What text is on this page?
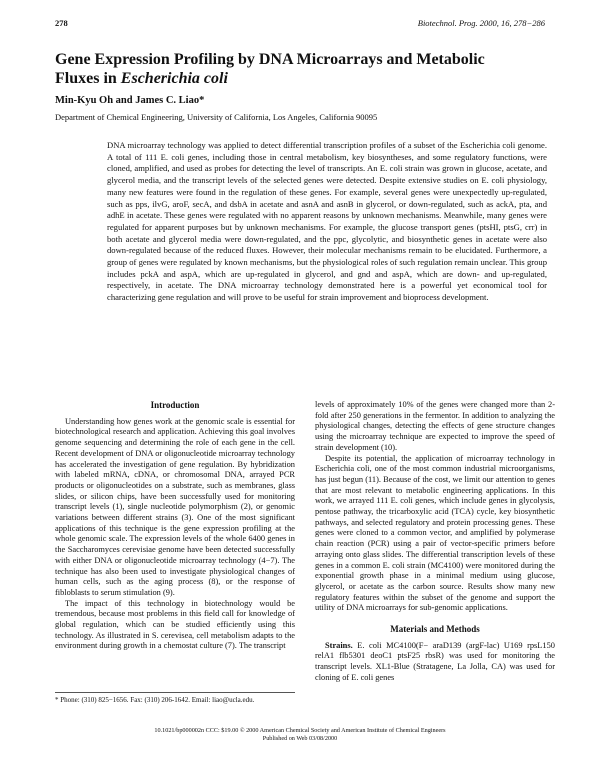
278	Biotechnol. Prog. 2000, 16, 278−286
Gene Expression Profiling by DNA Microarrays and Metabolic
Fluxes in Escherichia coli
Min-Kyu Oh and James C. Liao*
Department of Chemical Engineering, University of California, Los Angeles, California 90095
DNA microarray technology was applied to detect differential transcription profiles of a subset of the Escherichia coli genome. A total of 111 E. coli genes, including those in central metabolism, key biosyntheses, and some regulatory functions, were cloned, amplified, and used as probes for detecting the level of transcripts. An E. coli strain was grown in glucose, acetate, and glycerol media, and the transcript levels of the selected genes were detected. Despite extensive studies on E. coli physiology, many new features were found in the regulation of these genes. For example, several genes were unexpectedly up-regulated, such as pps, ilvG, aroF, secA, and dsbA in acetate and asnA and asnB in glycerol, or down-regulated, such as ackA, pta, and adhE in acetate. These genes were regulated with no apparent reasons by unknown mechanisms. Meanwhile, many genes were regulated for apparent purposes but by unknown mechanisms. For example, the glucose transport genes (ptsHI, ptsG, crr) in both acetate and glycerol media were down-regulated, and the ppc, glycolytic, and biosynthetic genes in acetate were also down-regulated because of the reduced fluxes. However, their molecular mechanisms remain to be elucidated. Furthermore, a group of genes were regulated by known mechanisms, but the physiological roles of such regulation remain unclear. This group includes pckA and aspA, which are up-regulated in glycerol, and gnd and aspA, which are down- and up-regulated, respectively, in acetate. The DNA microarray technology demonstrated here is a powerful yet economical tool for characterizing gene regulation and will prove to be useful for strain improvement and bioprocess development.
Introduction

Understanding how genes work at the genomic scale is essential for biotechnological research and application. Achieving this goal involves genome sequencing and determining the role of each gene in the cell. Recent development of DNA or oligonucleotide microarray technology has accelerated the investigation of gene regulation. By hybridization with labeled mRNA, cDNA, or chromosomal DNA, arrayed PCR products or oligonucleotides on a substrate, such as membranes, glass slides, or silicon chips, have been successfully used for monitoring transcript levels (1), single nucleotide polymorphism (2), or genomic variations between different strains (3). One of the most significant applications of this technique is the gene expression profiling at the whole genomic scale. The expression levels of the whole 6400 genes in the Saccharomyces cerevisiae genome have been detected successfully with either DNA or oligonucleotide microarray technology (4−7). The technique has also been used to investigate physiological changes of human cells, such as the aging process (8), or the response of fibloblasts to serum stimulation (9).

The impact of this technology in biotechnology would be tremendous, because most problems in this field call for knowledge of global regulation, which can be studied efficiently using this technology. As illustrated in S. cerevisea, cell metabolism adapts to the environment during growth in a chemostat culture (7). The transcript

levels of approximately 10% of the genes were changed more than 2-fold after 250 generations in the fermentor. In addition to analyzing the physiological changes, detecting the effects of gene structure changes using the microarray technique are expected to improve the speed of strain development (10).

Despite its potential, the application of microarray technology in Escherichia coli, one of the most common industrial microorganisms, has just begun (11). Because of the cost, we limit our attention to genes that are most relevant to metabolic engineering applications. In this work, we arrayed 111 E. coli genes, which include genes in glycolysis, pentose pathway, the tricarboxylic acid (TCA) cycle, key biosynthetic pathways, and selected regulatory and protein processing genes. These genes were cloned to a common vector, and amplified by polymerase chain reaction (PCR) using a pair of vector-specific primers before arraying onto glass slides. The differential transcription levels of these genes in a common E. coli strain (MC4100) were monitored during the exponential growth phase in a minimal medium using glucose, glycerol, or acetate as the carbon source. Results show many new regulatory features within the subset of the genome and support the utility of DNA microarrays for sub-genomic applications.

Materials and Methods

Strains. E. coli MC4100(F− araD139 (argF-lac) U169 rpsL150 relA1 flb5301 deoC1 ptsF25 rbsR) was used for monitoring the transcript levels. XL1-Blue (Stratagene, La Jolla, CA) was used for cloning of E. coli genes

* Phone: (310) 825−1656. Fax: (310) 206-1642. Email: liao@ucla.edu.
10.1021/bp000002n CCC: $19.00 © 2000 American Chemical Society and American Institute of Chemical Engineers
Published on Web 03/08/2000
